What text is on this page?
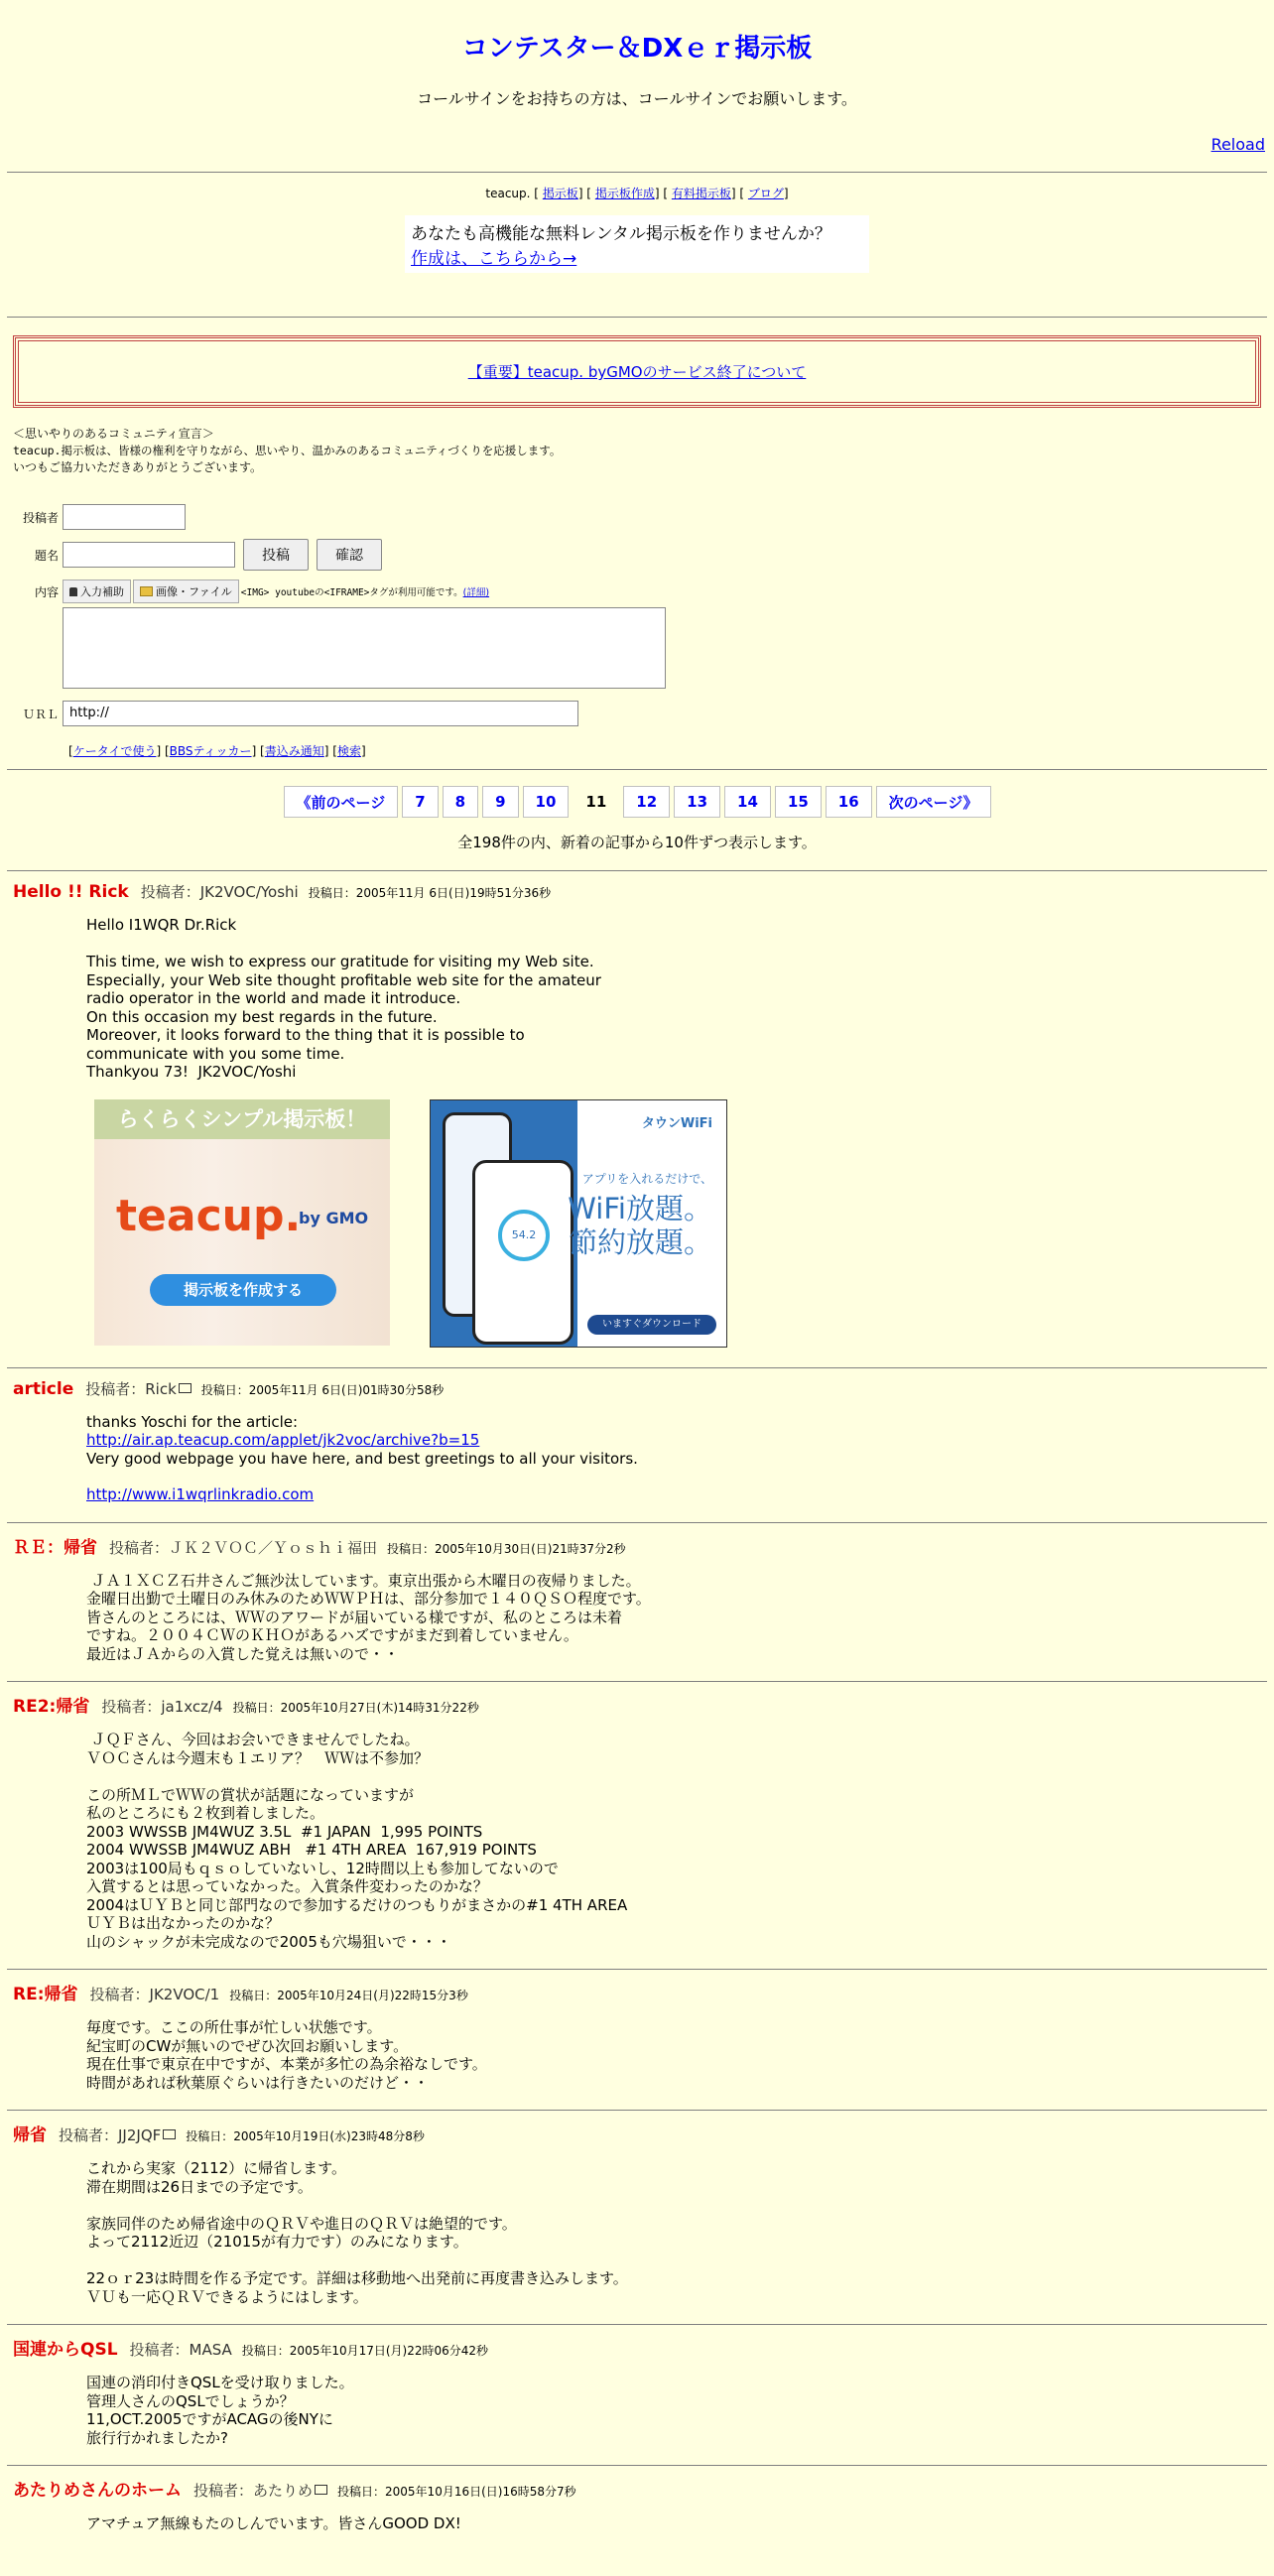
コンテスター＆DXｅｒ掲示板
コールサインをお持ちの方は、コールサインでお願いします。
Reload
teacup. [ 掲示板] [ 掲示板作成] [ 有料掲示板] [ ブログ]
あなたも高機能な無料レンタル掲示板を作りませんか？
作成は、こちらから→
【重要】teacup. byGMOのサービス終了について
＜思いやりのあるコミュニティ宣言＞
teacup.掲示板は、皆様の権利を守りながら、思いやり、温かみのあるコミュニティづくりを応援します。
いつもご協力いただきありがとうございます。
投稿者
題名	投稿	確認
内容	入力補助	画像・ファイル <IMG> youtubeの<IFRAME>タグが利用可能です。 (詳細)
ＵＲＬ http://
[ケータイで使う] [BBSティッカー] [書込み通知] [検索]
《前のページ	7	8	9	10	11	12	13	14	15	16	次のページ》
全198件の内、新着の記事から10件ずつ表示します。
Hello !! Rick 投稿者：JK2VOC/Yoshi 投稿日：2005年11月 6日(日)19時51分36秒
Hello I1WQR Dr.Rick

This time, we wish to express our gratitude for visiting my Web site.
Especially, your Web site thought profitable web site for the amateur
radio operator in the world and made it introduce.
On this occasion my best regards in the future.
Moreover, it looks forward to the thing that it is possible to
communicate with you some time.
Thankyou 73!  JK2VOC/Yoshi
らくらくシンプル掲示板！
teacup.
by GMO
掲示板を作成する
54.2
タウンWiFi
アプリを入れるだけで、
WiFi放題。
節約放題。
いますぐダウンロード
article 投稿者：Rick	投稿日：2005年11月 6日(日)01時30分58秒
thanks Yoschi for the article:
http://air.ap.teacup.com/applet/jk2voc/archive?b=15
Very good webpage you have here, and best greetings to all your visitors.
http://www.i1wqrlinkradio.com
ＲＥ：帰省 投稿者：ＪＫ２ＶＯＣ／Ｙｏｓｈｉ福田 投稿日：2005年10月30日(日)21時37分2秒
ＪＡ１ＸＣＺ石井さんご無沙汰しています。東京出張から木曜日の夜帰りました。
金曜日出勤で土曜日のみ休みのためＷＷＰＨは、部分参加で１４０ＱＳＯ程度です。
皆さんのところには、ＷＷのアワードが届いている様ですが、私のところは未着
ですね。２００４ＣＷのＫＨＯがあるハズですがまだ到着していません。
最近はＪＡからの入賞した覚えは無いので・・
RE2:帰省 投稿者：ja1xcz/4 投稿日：2005年10月27日(木)14時31分22秒
ＪＱＦさん、今回はお会いできませんでしたね。
ＶＯＣさんは今週末も１エリア？　ＷＷは不参加？

この所ＭＬでＷＷの賞状が話題になっていますが
私のところにも２枚到着しました。
2003 WWSSB JM4WUZ 3.5L  #1 JAPAN  1,995 POINTS
2004 WWSSB JM4WUZ ABH   #1 4TH AREA  167,919 POINTS
2003は100局もｑｓｏしていないし、12時間以上も参加してないので
入賞するとは思っていなかった。入賞条件変わったのかな？
2004はＵＹＢと同じ部門なので参加するだけのつもりがまさかの#1 4TH AREA
ＵＹＢは出なかったのかな？
山のシャックが未完成なので2005も穴場狙いで・・・
RE:帰省 投稿者：JK2VOC/1 投稿日：2005年10月24日(月)22時15分3秒
毎度です。ここの所仕事が忙しい状態です。
紀宝町のCWが無いのでぜひ次回お願いします。
現在仕事で東京在中ですが、本業が多忙の為余裕なしです。
時間があれば秋葉原ぐらいは行きたいのだけど・・
帰省 投稿者：JJ2JQF	投稿日：2005年10月19日(水)23時48分8秒
これから実家（2112）に帰省します。
滞在期間は26日までの予定です。

家族同伴のため帰省途中のＱＲＶや進日のＱＲＶは絶望的です。
よって2112近辺（21015が有力です）のみになります。

22ｏｒ23は時間を作る予定です。詳細は移動地へ出発前に再度書き込みします。
ＶＵも一応ＱＲＶできるようにはします。
国連からQSL 投稿者：MASA 投稿日：2005年10月17日(月)22時06分42秒
国連の消印付きQSLを受け取りました。
管理人さんのQSLでしょうか？
11,OCT.2005ですがACAGの後NYに
旅行行かれましたか?
あたりめさんのホーム 投稿者：あたりめ	投稿日：2005年10月16日(日)16時58分7秒
アマチュア無線もたのしんでいます。皆さんGOOD DX!
